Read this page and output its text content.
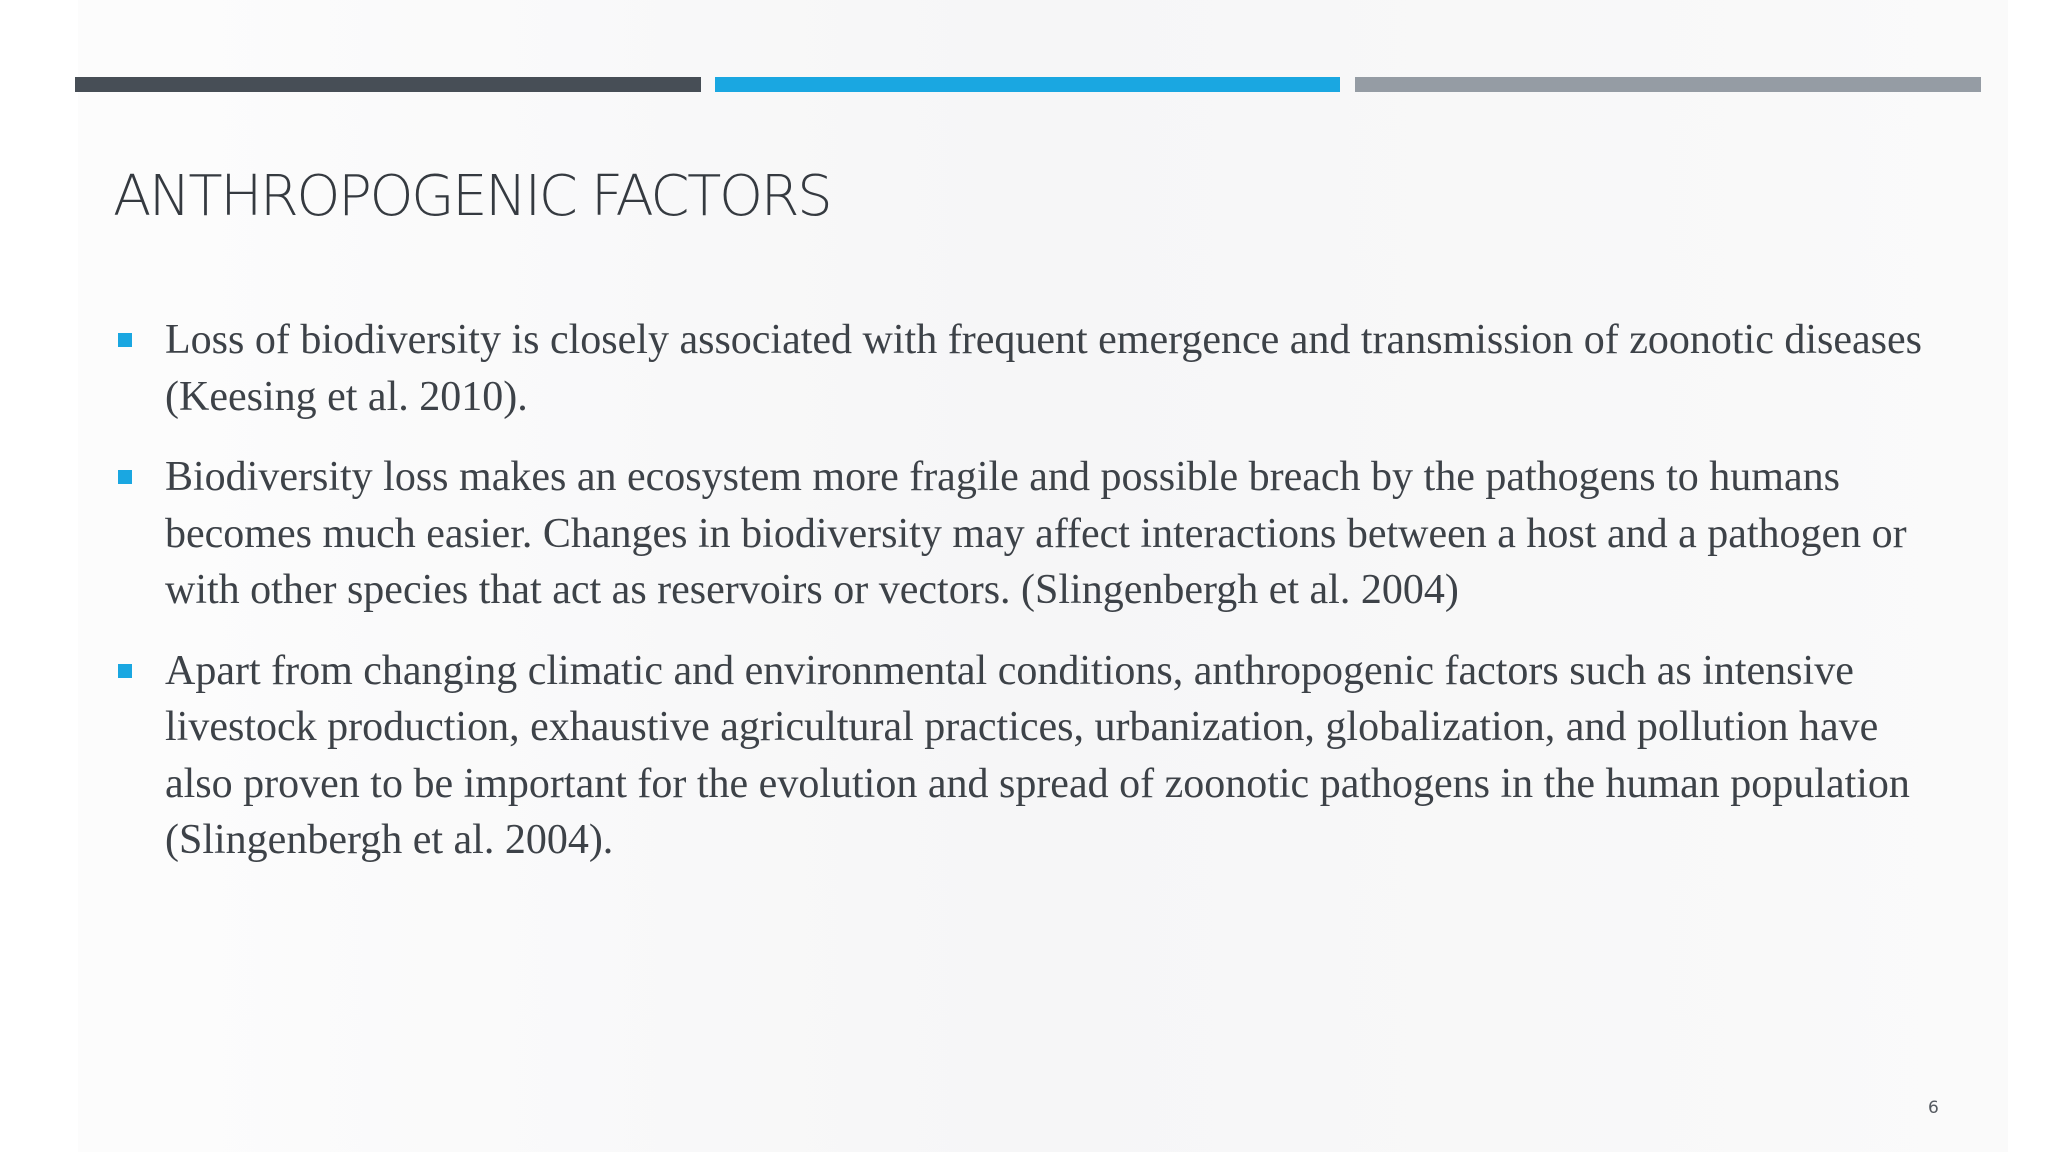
ANTHROPOGENIC FACTORS
Loss of biodiversity is closely associated with frequent emergence and transmission of zoonotic diseases (Keesing et al. 2010).
Biodiversity loss makes an ecosystem more fragile and possible breach by the pathogens to humans becomes much easier. Changes in biodiversity may affect interactions between a host and a pathogen or with other species that act as reservoirs or vectors. (Slingenbergh et al. 2004)
Apart from changing climatic and environmental conditions, anthropogenic factors such as intensive livestock production, exhaustive agricultural practices, urbanization, globalization, and pollution have also proven to be important for the evolution and spread of zoonotic pathogens in the human population (Slingenbergh et al. 2004).
6
